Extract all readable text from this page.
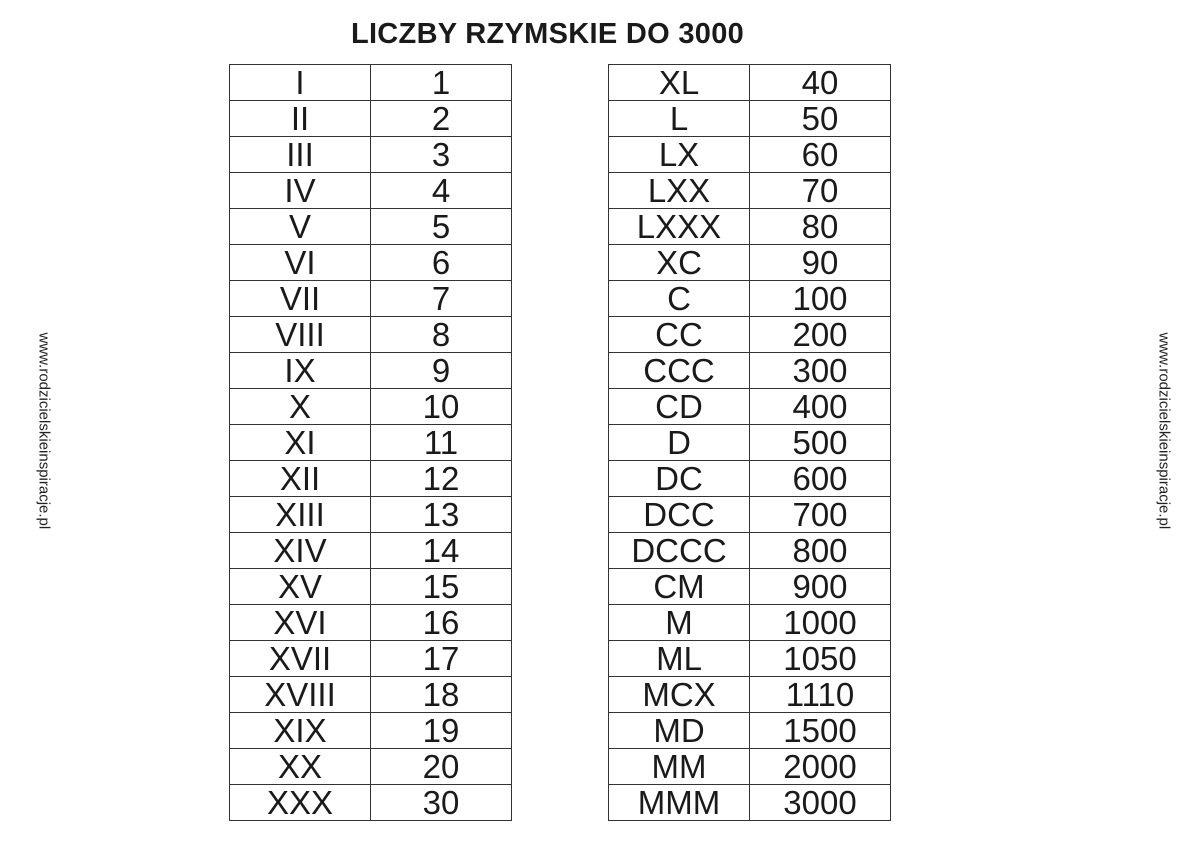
LICZBY RZYMSKIE DO 3000
www.rodzicielskieinspiracje.pl	www.rodzicielskieinspiracje.pl
I	1
II	2
III	3
IV	4
V	5
VI	6
VII	7
VIII	8
IX	9
X	10
XI	11
XII	12
XIII	13
XIV	14
XV	15
XVI	16
XVII	17
XVIII	18
XIX	19
XX	20
XXX	30
XL	40
L	50
LX	60
LXX	70
LXXX	80
XC	90
C	100
CC	200
CCC	300
CD	400
D	500
DC	600
DCC	700
DCCC	800
CM	900
M	1000
ML	1050
MCX	1110
MD	1500
MM	2000
MMM	3000
